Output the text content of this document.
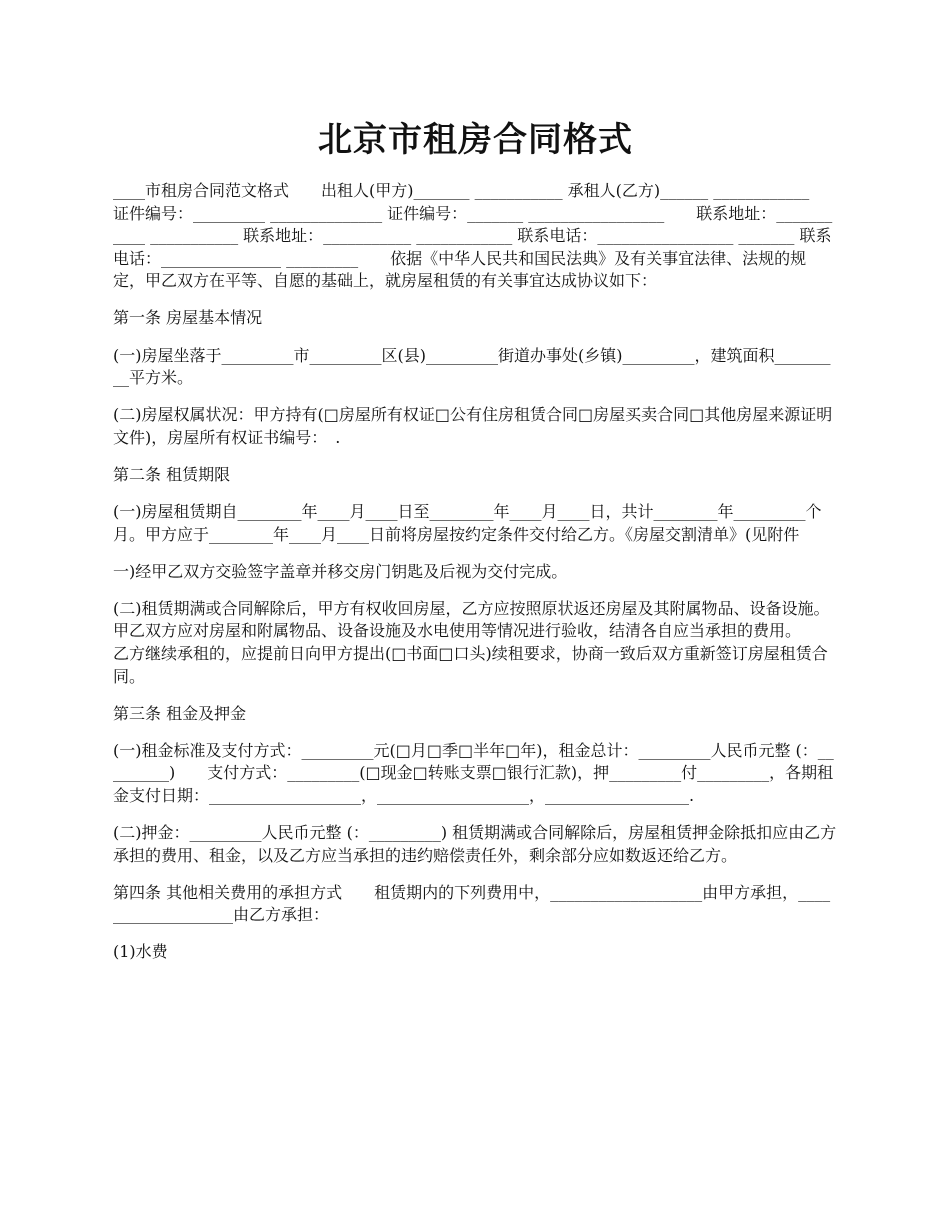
北京市租房合同格式

____市租房合同范文格式　　出租人(甲方)_______ ___________ 承租人(乙方)______ ____________　　证件编号：_________ ______________ 证件编号：_______ _________________　　联系地址：___________ ___________ 联系地址：___________ ____________ 联系电话：_________________ _______ 联系电话：_______________ _________　　依据《中华人民共和国民法典》及有关事宜法律、法规的规定，甲乙双方在平等、自愿的基础上，就房屋租赁的有关事宜达成协议如下：

第一条 房屋基本情况

(一)房屋坐落于_________市_________区(县)_________街道办事处(乡镇)_________，建筑面积_________平方米。

(二)房屋权属状况：甲方持有(□房屋所有权证□公有住房租赁合同□房屋买卖合同□其他房屋来源证明文件)，房屋所有权证书编号：　.

第二条 租赁期限

(一)房屋租赁期自________年____月____日至________年____月____日，共计________年_________个月。甲方应于________年____月____日前将房屋按约定条件交付给乙方。《房屋交割清单》(见附件

一)经甲乙双方交验签字盖章并移交房门钥匙及后视为交付完成。

(二)租赁期满或合同解除后，甲方有权收回房屋，乙方应按照原状返还房屋及其附属物品、设备设施。甲乙双方应对房屋和附属物品、设备设施及水电使用等情况进行验收，结清各自应当承担的费用。　　乙方继续承租的，应提前日向甲方提出(□书面□口头)续租要求，协商一致后双方重新签订房屋租赁合同。

第三条 租金及押金

(一)租金标准及支付方式：_________元(□月□季□半年□年)，租金总计：_________人民币元整 (：_________)　　支付方式：_________(□现金□转账支票□银行汇款)，押_________付_________，各期租金支付日期：___________________，___________________，__________________.

(二)押金：_________人民币元整 (：_________) 租赁期满或合同解除后，房屋租赁押金除抵扣应由乙方承担的费用、租金，以及乙方应当承担的违约赔偿责任外，剩余部分应如数返还给乙方。

第四条 其他相关费用的承担方式　　租赁期内的下列费用中，___________________由甲方承担，___________________由乙方承担：

(1)水费
